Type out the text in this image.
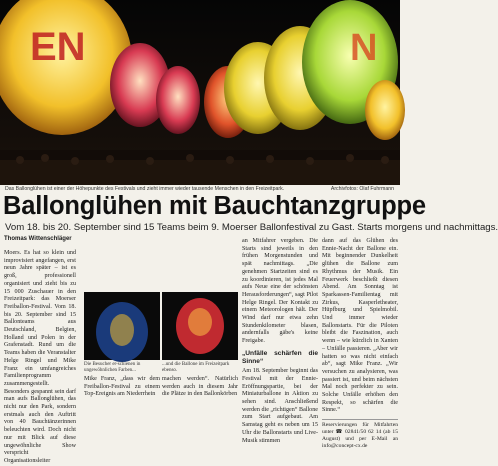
EN	N
Das Ballonglühen ist einer der Höhepunkte des Festivals und zieht immer wieder tausende Menschen in den Freizeitpark.	Archivfotos: Olaf Fuhrmann
Ballonglühen mit Bauchtanzgruppe
Vom 18. bis 20. September sind 15 Teams beim 9. Moerser Ballonfestival zu Gast. Starts morgens und nachmittags.
Thomas Wittenschläger

Moers. Es hat so klein und improvisiert angefangen, erst neun Jahre später – ist es groß, professionell organisiert und zieht bis zu 15 000 Zuschauer in den Freizeitpark: das Moerser Freiballon-Festival. Vom 18. bis 20. September sind 15 Ballonteams aus Deutschland, Belgien, Holland und Polen in der Grafenstadt. Rund um die Teams haben die Veranstalter Helge Ringel und Mike Franz ein umfangreiches Familienprogramm zusammengestellt. Besonders gespannt sein darf man aufs Ballonglühen, das nicht nur den Park, sondern erstmals auch den Auftritt von 40 Bauchtänzerinnen beleuchten wird. Doch nicht nur mit Blick auf diese ungewöhnliche Show verspricht Organisationsleiter

Die Besucher er-schienen in ungewöhnlichen Farben...
...und die Ballone im Freizeitpark ebenso.

Mike Franz, „dass wir dem Freiballon-Festival zu einem Top-Ereignis am Niederrhein

machen werden“. Natürlich werden auch in diesem Jahr die Plätze in den Ballonkörben

an Mitfahrer vergeben. Die Starts sind jeweils in den frühen Morgenstunden und spät nachmittags. „Die genehmen Startzeiten sind es zu koordinieren, ist jedes Mal aufs Neue eine der schönsten Herausforderungen“, sagt Pilot Helge Ringel. Der Kontakt zu einem Meteorologen hält. Der Wind darf nur etwa zehn Stundenkilometer blasen, andernfalls gäbe's keine Freigabe.

„Unfälle schärfen die Sinne“

Am 18. September beginnt das Festival mit der Ennie-Eröffnungspartie, bei der Miniaturballone in Aktion zu sehen sind. Anschließend werden die „richtigen“ Ballone zum Start aufgebaut. Am Samstag geht es neben um 15 Uhr die Ballonstarts und Live-Musik stimmen

dann auf das Glühen des Ennie-Nacht der Ballone ein. Mit beginnender Dunkelheit glühen die Ballone zum Rhythmus der Musik. Ein Feuerwerk beschließt diesen Abend. Am Sonntag ist Sparkassen-Familientag mit Zirkus, Kasperletheater, Hüpfburg und Spielmobil. Und immer wieder Ballonstarts. Für die Piloten bleibt die Faszination, auch wenn – wie kürzlich in Xanten – Unfälle passieren. „Aber wir hatten so was nicht einfach ab“, sagt Mike Franz. „Wir versuchen zu analysieren, was passiert ist, und beim nächsten Mal noch perfekter zu sein. Solche Unfälle erhöhen den Respekt, so schärfen die Sinne.“

Reservierungen für Mitfahrten unter ☎ 02841/50 62 14 (ab 15 August) und per E-Mail an info@concept-cx.de
